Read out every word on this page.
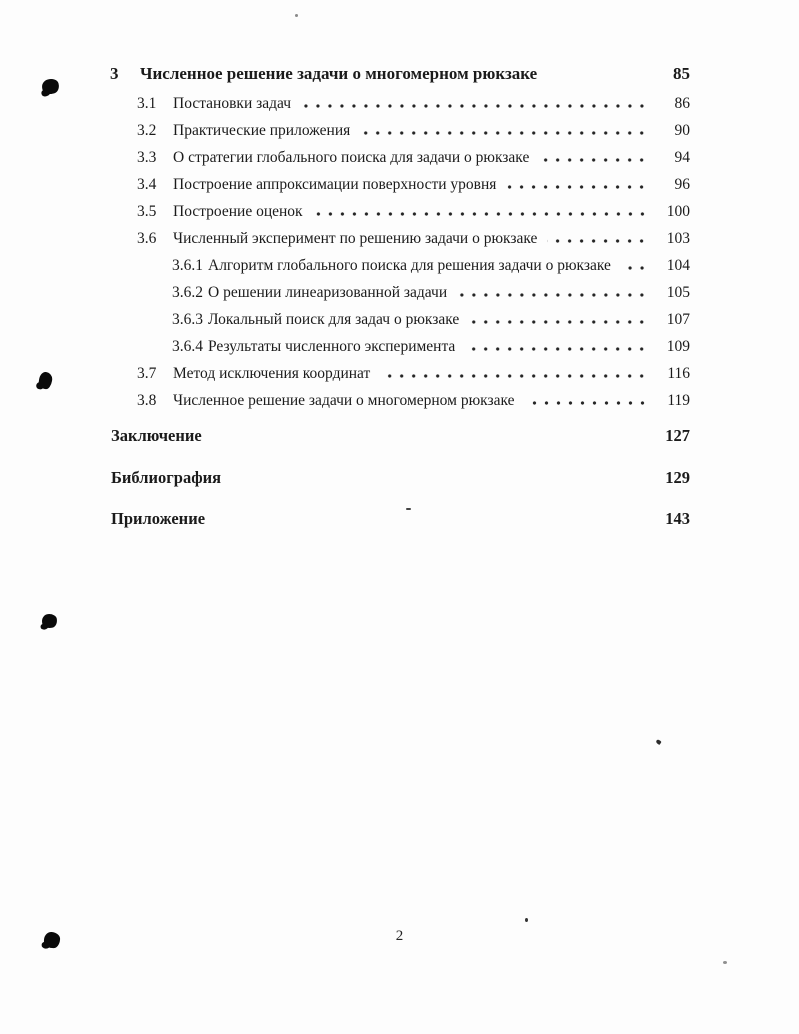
3	Численное решение задачи о многомерном рюкзаке	85
3.1	Постановки задач	86
3.2	Практические приложения	90
3.3	О стратегии глобального поиска для задачи о рюкзаке	94
3.4	Построение аппроксимации поверхности уровня	96
3.5	Построение оценок	100
3.6	Численный эксперимент по решению задачи о рюкзаке	103
3.6.1 Алгоритм глобального поиска для решения задачи о рюкзаке	104
3.6.2 О решении линеаризованной задачи	105
3.6.3 Локальный поиск для задач о рюкзаке	107
3.6.4 Результаты численного эксперимента	109
3.7	Метод исключения координат	116
3.8	Численное решение задачи о многомерном рюкзаке	119
Заключение	127
Библиография	129
Приложение	143
2
